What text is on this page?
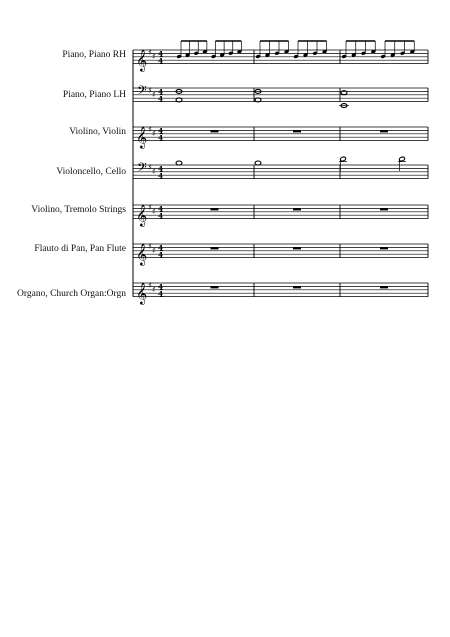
Piano, Piano RH
Piano, Piano LH
Violino, Violin
Violoncello, Cello
Violino, Tremolo Strings
Flauto di Pan, Pan Flute
Organo, Church Organ:Orgn
𝄞 ♯ ♯ 4
4
𝄢 ♯ ♯ 4
4
𝄞 ♯ ♯ 4
4
𝄢 ♯ ♯ 4
4
𝄞 ♯ ♯ 4
4
𝄞 ♯ ♯ 4
4
𝄞 ♯ ♯ 4
4
